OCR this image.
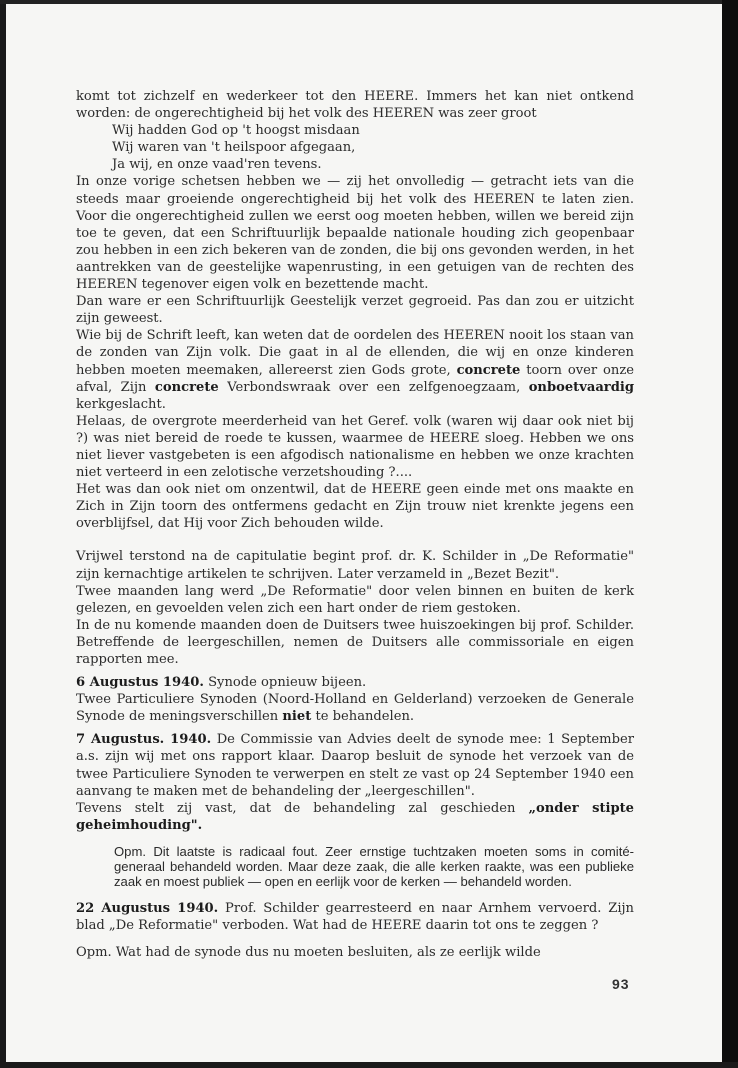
komt tot zichzelf en wederkeer tot den HEERE. Immers het kan niet ontkend worden: de ongerechtigheid bij het volk des HEEREN was zeer groot

Wij hadden God op 't hoogst misdaan
Wij waren van 't heilspoor afgegaan,
Ja wij, en onze vaad'ren tevens.

In onze vorige schetsen hebben we — zij het onvolledig — getracht iets van die steeds maar groeiende ongerechtigheid bij het volk des HEEREN te laten zien. Voor die ongerechtigheid zullen we eerst oog moeten hebben, willen we bereid zijn toe te geven, dat een Schriftuurlijk bepaalde nationale houding zich geopenbaar zou hebben in een zich bekeren van de zonden, die bij ons gevonden werden, in het aantrekken van de geestelijke wapenrusting, in een getuigen van de rechten des HEEREN tegenover eigen volk en bezettende macht.

Dan ware er een Schriftuurlijk Geestelijk verzet gegroeid. Pas dan zou er uitzicht zijn geweest.

Wie bij de Schrift leeft, kan weten dat de oordelen des HEEREN nooit los staan van de zonden van Zijn volk. Die gaat in al de ellenden, die wij en onze kinderen hebben moeten meemaken, allereerst zien Gods grote, concrete toorn over onze afval, Zijn concrete Verbondswraak over een zelfgenoegzaam, onboetvaardig kerkgeslacht.

Helaas, de overgrote meerderheid van het Geref. volk (waren wij daar ook niet bij ?) was niet bereid de roede te kussen, waarmee de HEERE sloeg. Hebben we ons niet liever vastgebeten is een afgodisch nationalisme en hebben we onze krachten niet verteerd in een zelotische verzetshouding ?....

Het was dan ook niet om onzentwil, dat de HEERE geen einde met ons maakte en Zich in Zijn toorn des ontfermens gedacht en Zijn trouw niet krenkte jegens een overblijfsel, dat Hij voor Zich behouden wilde.

Vrijwel terstond na de capitulatie begint prof. dr. K. Schilder in „De Reformatie" zijn kernachtige artikelen te schrijven. Later verzameld in „Bezet Bezit".

Twee maanden lang werd „De Reformatie" door velen binnen en buiten de kerk gelezen, en gevoelden velen zich een hart onder de riem gestoken.

In de nu komende maanden doen de Duitsers twee huiszoekingen bij prof. Schilder. Betreffende de leergeschillen, nemen de Duitsers alle commissoriale en eigen rapporten mee.

6 Augustus 1940. Synode opnieuw bijeen.

Twee Particuliere Synoden (Noord-Holland en Gelderland) verzoeken de Generale Synode de meningsverschillen niet te behandelen.

7 Augustus. 1940. De Commissie van Advies deelt de synode mee: 1 September a.s. zijn wij met ons rapport klaar. Daarop besluit de synode het verzoek van de twee Particuliere Synoden te verwerpen en stelt ze vast op 24 September 1940 een aanvang te maken met de behandeling der „leergeschillen".

Tevens stelt zij vast, dat de behandeling zal geschieden „onder stipte geheimhouding".

Opm. Dit laatste is radicaal fout. Zeer ernstige tuchtzaken moeten soms in comité-generaal behandeld worden. Maar deze zaak, die alle kerken raakte, was een publieke zaak en moest publiek — open en eerlijk voor de kerken — behandeld worden.

22 Augustus 1940. Prof. Schilder gearresteerd en naar Arnhem vervoerd. Zijn blad „De Reformatie" verboden. Wat had de HEERE daarin tot ons te zeggen ?

Opm. Wat had de synode dus nu moeten besluiten, als ze eerlijk wilde

93
